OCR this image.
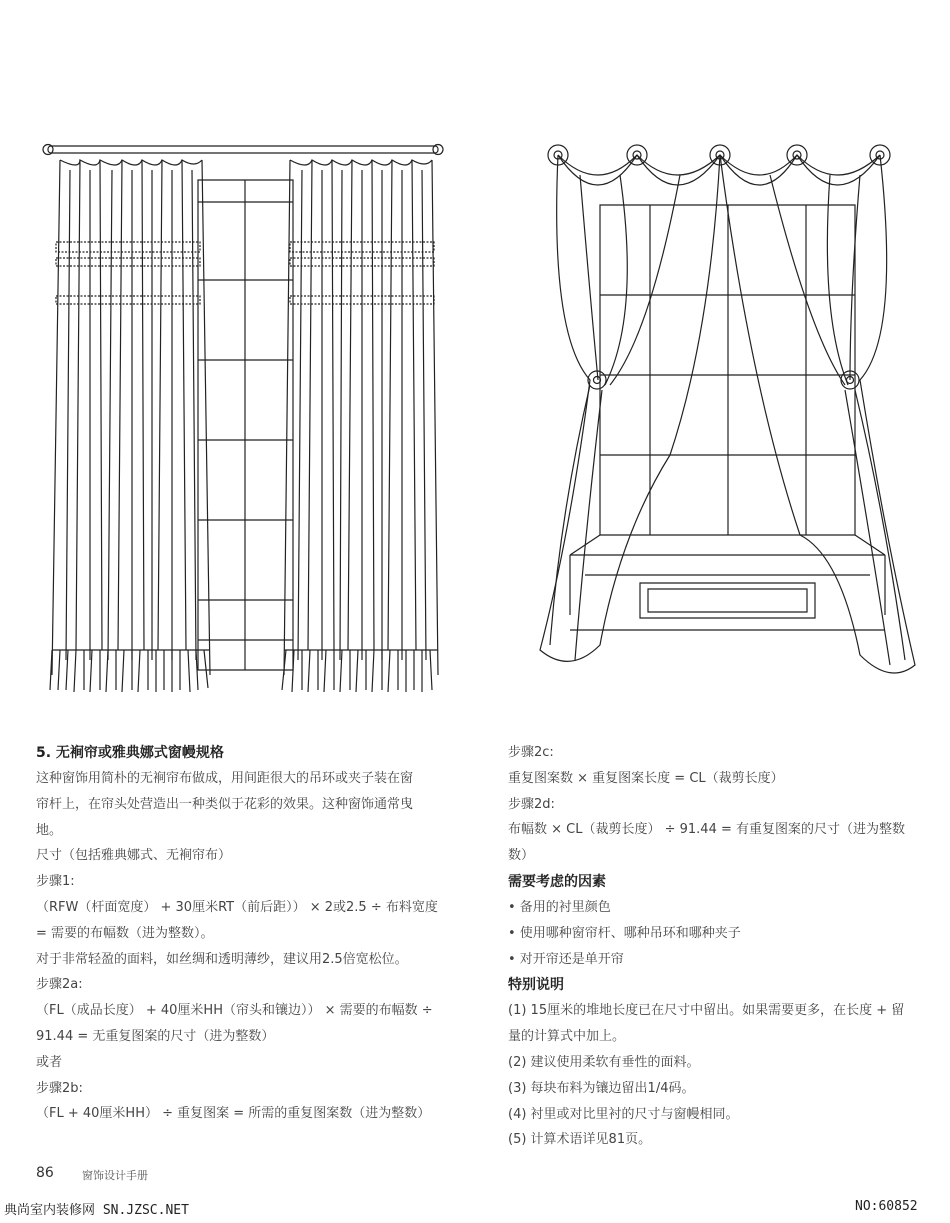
5. 无裥帘或雅典娜式窗幔规格
这种窗饰用简朴的无裥帘布做成，用间距很大的吊环或夹子装在窗
帘杆上，在帘头处营造出一种类似于花彩的效果。这种窗饰通常曳
地。
尺寸（包括雅典娜式、无裥帘布）
步骤1:
（RFW（杆面宽度） + 30厘米RT（前后距）） × 2或2.5 ÷ 布料宽度
= 需要的布幅数（进为整数）。
对于非常轻盈的面料，如丝绸和透明薄纱，建议用2.5倍宽松位。
步骤2a:
（FL（成品长度） + 40厘米HH（帘头和镶边）） × 需要的布幅数 ÷
91.44 = 无重复图案的尺寸（进为整数）
或者
步骤2b:
（FL + 40厘米HH） ÷ 重复图案 = 所需的重复图案数（进为整数）
步骤2c:
重复图案数 × 重复图案长度 = CL（裁剪长度）
步骤2d:
布幅数 × CL（裁剪长度） ÷ 91.44 = 有重复图案的尺寸（进为整数
数）
需要考虑的因素
• 备用的衬里颜色
• 使用哪种窗帘杆、哪种吊环和哪种夹子
• 对开帘还是单开帘
特别说明
(1) 15厘米的堆地长度已在尺寸中留出。如果需要更多，在长度 + 留
量的计算式中加上。
(2) 建议使用柔软有垂性的面料。
(3) 每块布料为镶边留出1/4码。
(4) 衬里或对比里衬的尺寸与窗幔相同。
(5) 计算术语详见81页。
86	窗饰设计手册
典尚室内装修网 SN.JZSC.NET	NO:60852
